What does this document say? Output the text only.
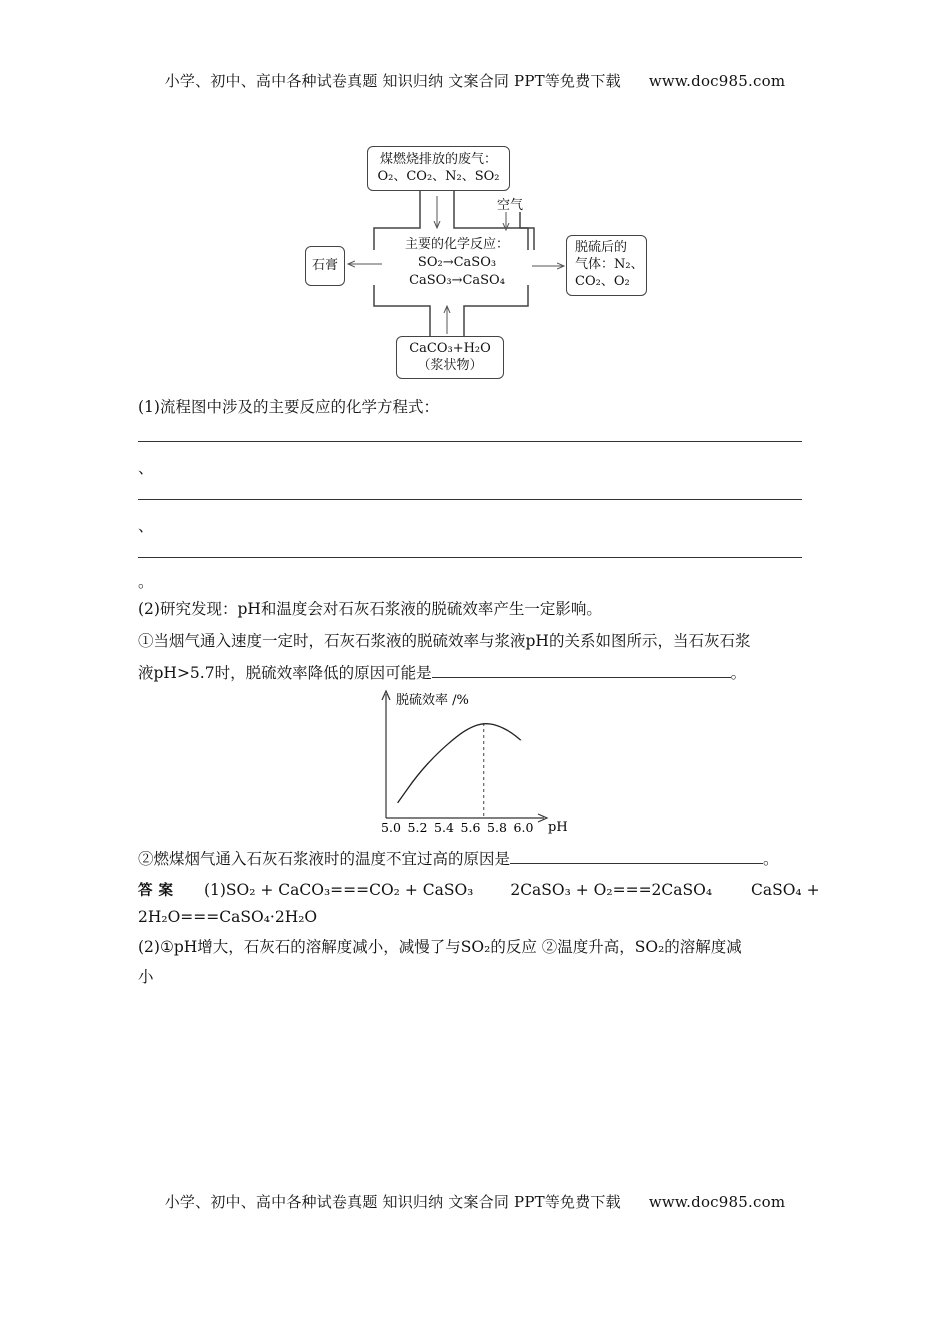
小学、初中、高中各种试卷真题 知识归纳 文案合同 PPT等免费下载 www.doc985.com
煤燃烧排放的废气：
O₂、CO₂、N₂、SO₂
空气
主要的化学反应：
SO₂→CaSO₃
CaSO₃→CaSO₄
石膏
脱硫后的
气体：N₂、
CO₂、O₂
CaCO₃+H₂O
（浆状物）
(1)流程图中涉及的主要反应的化学方程式：
、
、
。
(2)研究发现：pH和温度会对石灰石浆液的脱硫效率产生一定影响。
①当烟气通入速度一定时，石灰石浆液的脱硫效率与浆液pH的关系如图所示，当石灰石浆
液pH>5.7时，脱硫效率降低的原因可能是	。
脱硫效率 /%
pH
5.0 5.2 5.4 5.6 5.8 6.0
②燃煤烟气通入石灰石浆液时的温度不宜过高的原因是	。
答案 (1)SO₂ + CaCO₃===CO₂ + CaSO₃ 2CaSO₃ + O₂===2CaSO₄	CaSO₄ +
2H₂O===CaSO₄·2H₂O
(2)①pH增大，石灰石的溶解度减小，减慢了与SO₂的反应 ②温度升高，SO₂的溶解度减
小
小学、初中、高中各种试卷真题 知识归纳 文案合同 PPT等免费下载 www.doc985.com
